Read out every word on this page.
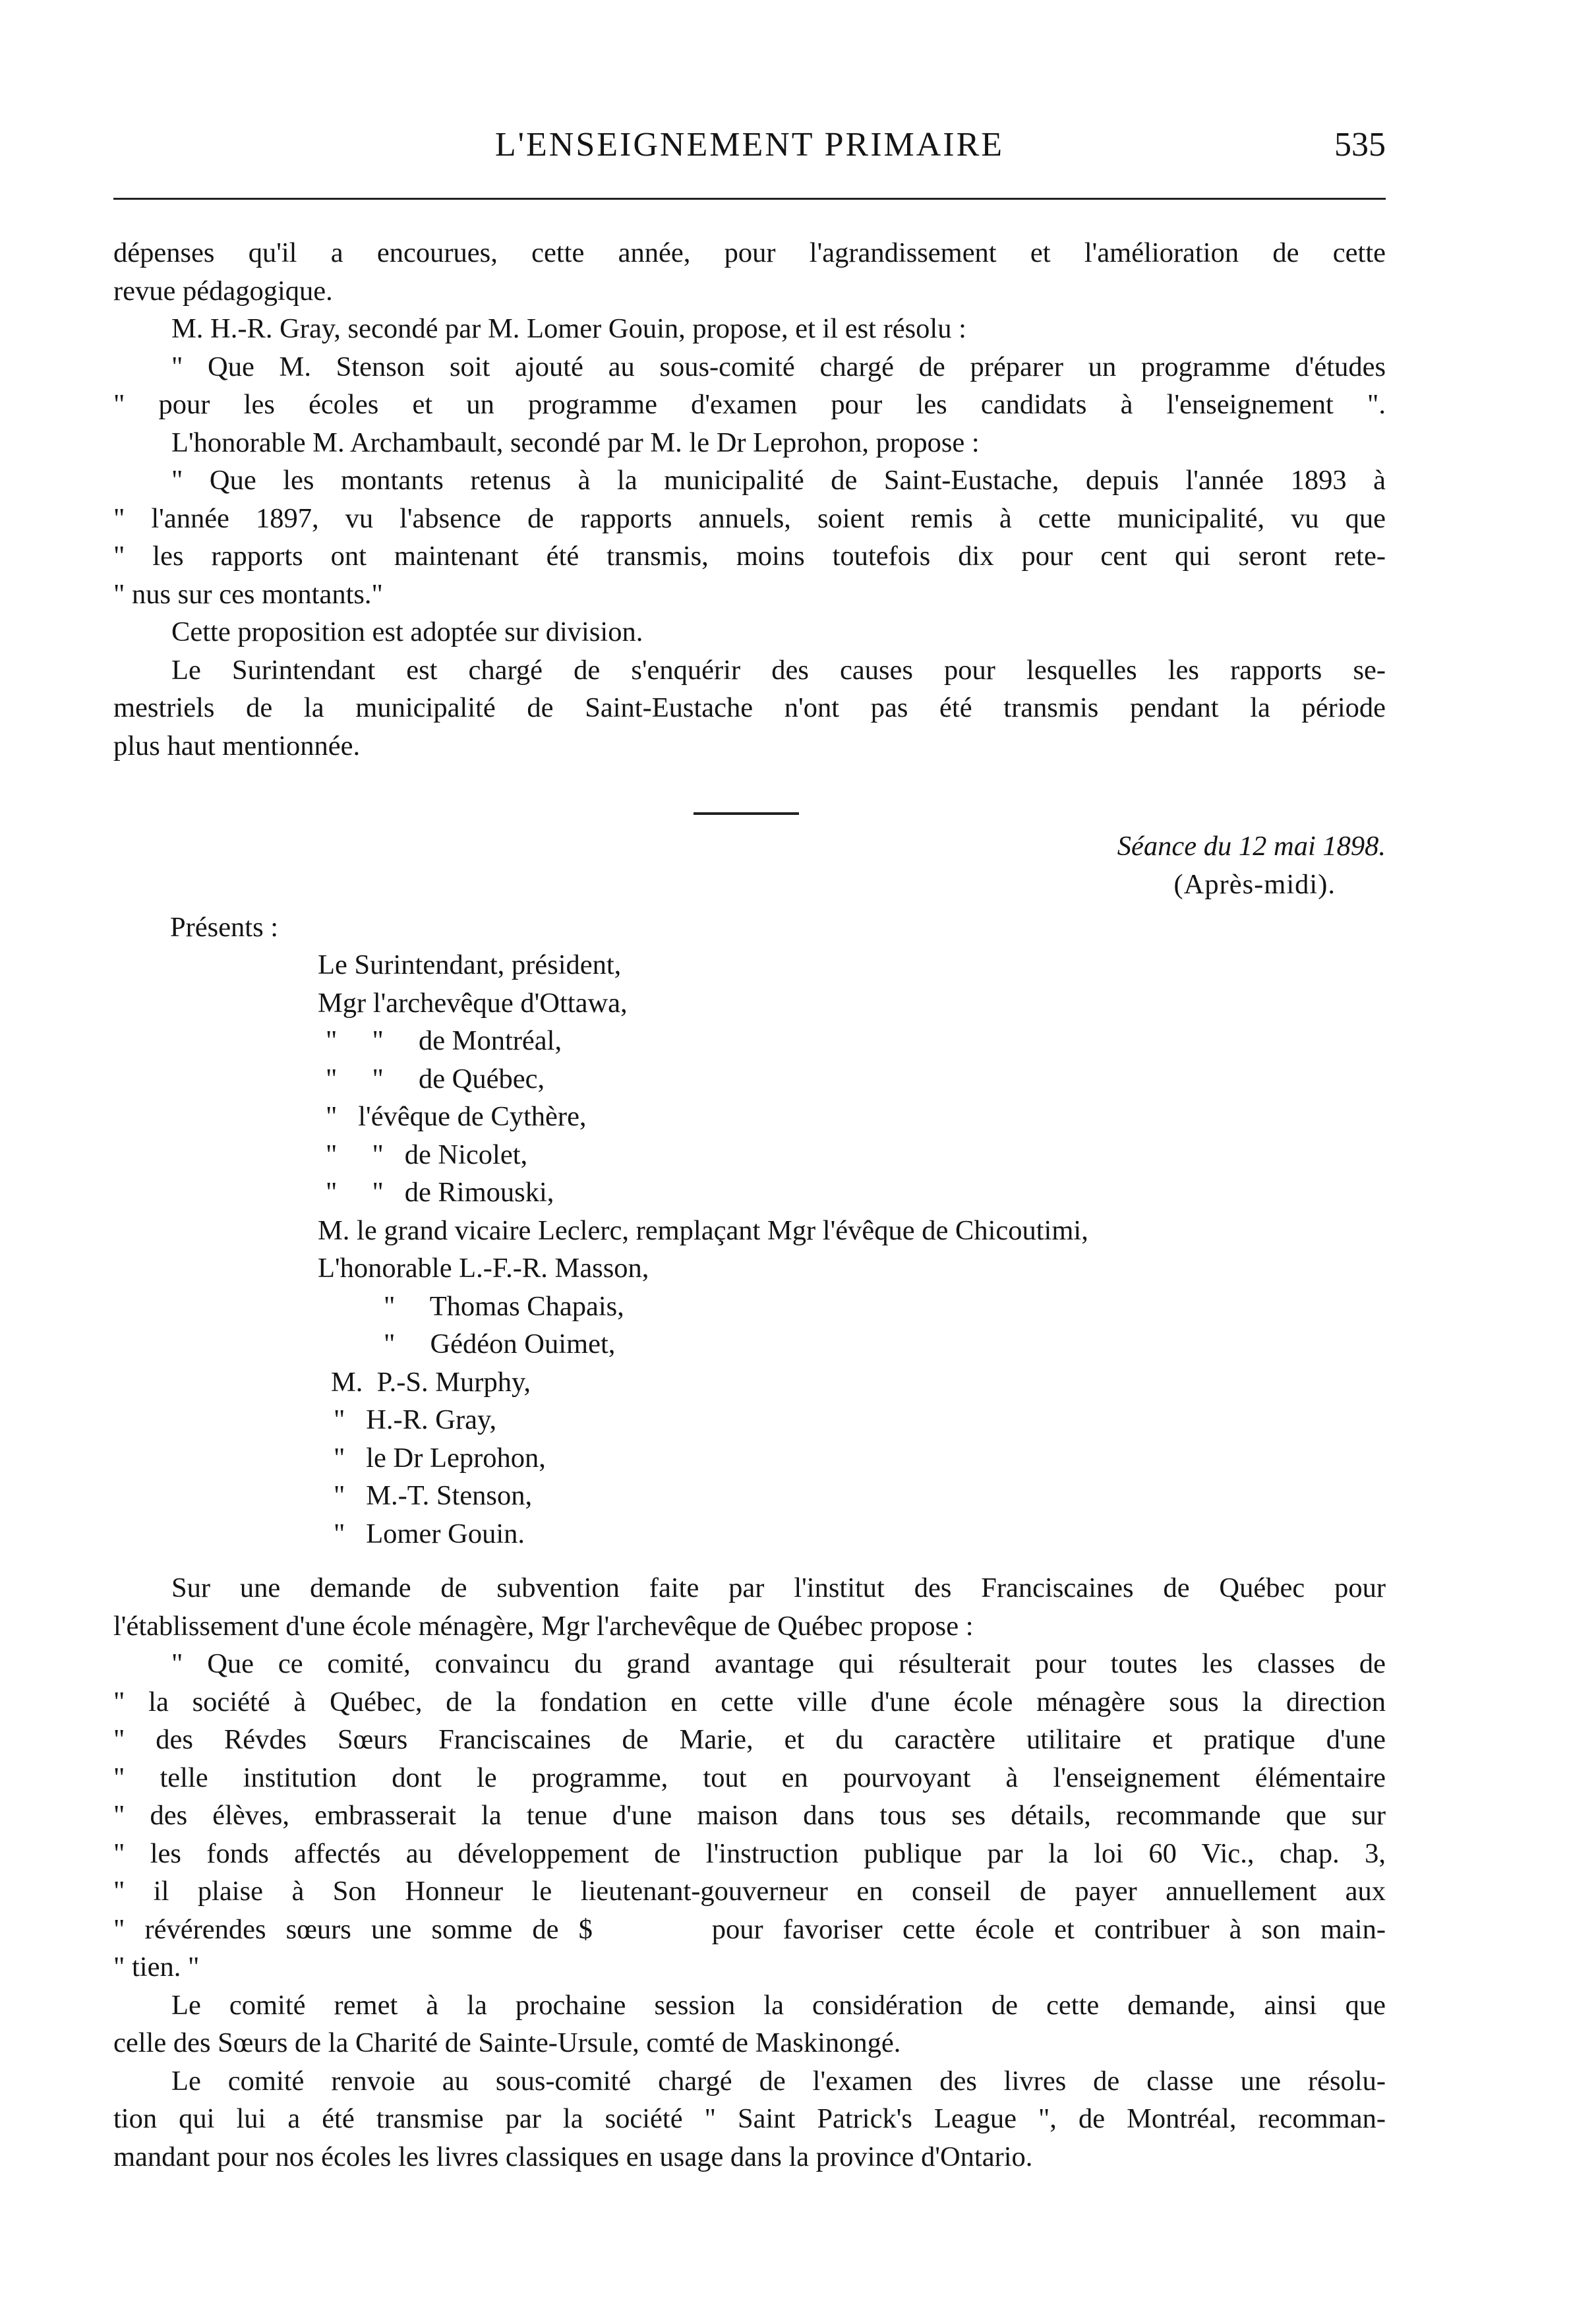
L'ENSEIGNEMENT PRIMAIRE	535
dépenses qu'il a encourues, cette année, pour l'agrandissement et l'amélioration de cette
revue pédagogique.
M. H.-R. Gray, secondé par M. Lomer Gouin, propose, et il est résolu :
" Que M. Stenson soit ajouté au sous-comité chargé de préparer un programme d'études
" pour les écoles et un programme d'examen pour les candidats à l'enseignement ".
L'honorable M. Archambault, secondé par M. le Dr Leprohon, propose :
" Que les montants retenus à la municipalité de Saint-Eustache, depuis l'année 1893 à
" l'année 1897, vu l'absence de rapports annuels, soient remis à cette municipalité, vu que
" les rapports ont maintenant été transmis, moins toutefois dix pour cent qui seront rete-
" nus sur ces montants."
Cette proposition est adoptée sur division.
Le Surintendant est chargé de s'enquérir des causes pour lesquelles les rapports se-
mestriels de la municipalité de Saint-Eustache n'ont pas été transmis pendant la période
plus haut mentionnée.
Séance du 12 mai 1898.
(Après-midi).
Présents :
Le Surintendant, président,
Mgr l'archevêque d'Ottawa,
"     "     de Montréal,
"     "     de Québec,
"   l'évêque de Cythère,
"     "   de Nicolet,
"     "   de Rimouski,
M. le grand vicaire Leclerc, remplaçant Mgr l'évêque de Chicoutimi,
L'honorable L.-F.-R. Masson,
"     Thomas Chapais,
"     Gédéon Ouimet,
M.  P.-S. Murphy,
"   H.-R. Gray,
"   le Dr Leprohon,
"   M.-T. Stenson,
"   Lomer Gouin.
Sur une demande de subvention faite par l'institut des Franciscaines de Québec pour
l'établissement d'une école ménagère, Mgr l'archevêque de Québec propose :
" Que ce comité, convaincu du grand avantage qui résulterait pour toutes les classes de
" la société à Québec, de la fondation en cette ville d'une école ménagère sous la direction
" des Révdes Sœurs Franciscaines de Marie, et du caractère utilitaire et pratique d'une
" telle institution dont le programme, tout en pourvoyant à l'enseignement élémentaire
" des élèves, embrasserait la tenue d'une maison dans tous ses détails, recommande que sur
" les fonds affectés au développement de l'instruction publique par la loi 60 Vic., chap. 3,
" il plaise à Son Honneur le lieutenant-gouverneur en conseil de payer annuellement aux
" révérendes sœurs une somme de $      pour favoriser cette école et contribuer à son main-
" tien. "
Le comité remet à la prochaine session la considération de cette demande, ainsi que
celle des Sœurs de la Charité de Sainte-Ursule, comté de Maskinongé.
Le comité renvoie au sous-comité chargé de l'examen des livres de classe une résolu-
tion qui lui a été transmise par la société " Saint Patrick's League ", de Montréal, recomman-
mandant pour nos écoles les livres classiques en usage dans la province d'Ontario.
